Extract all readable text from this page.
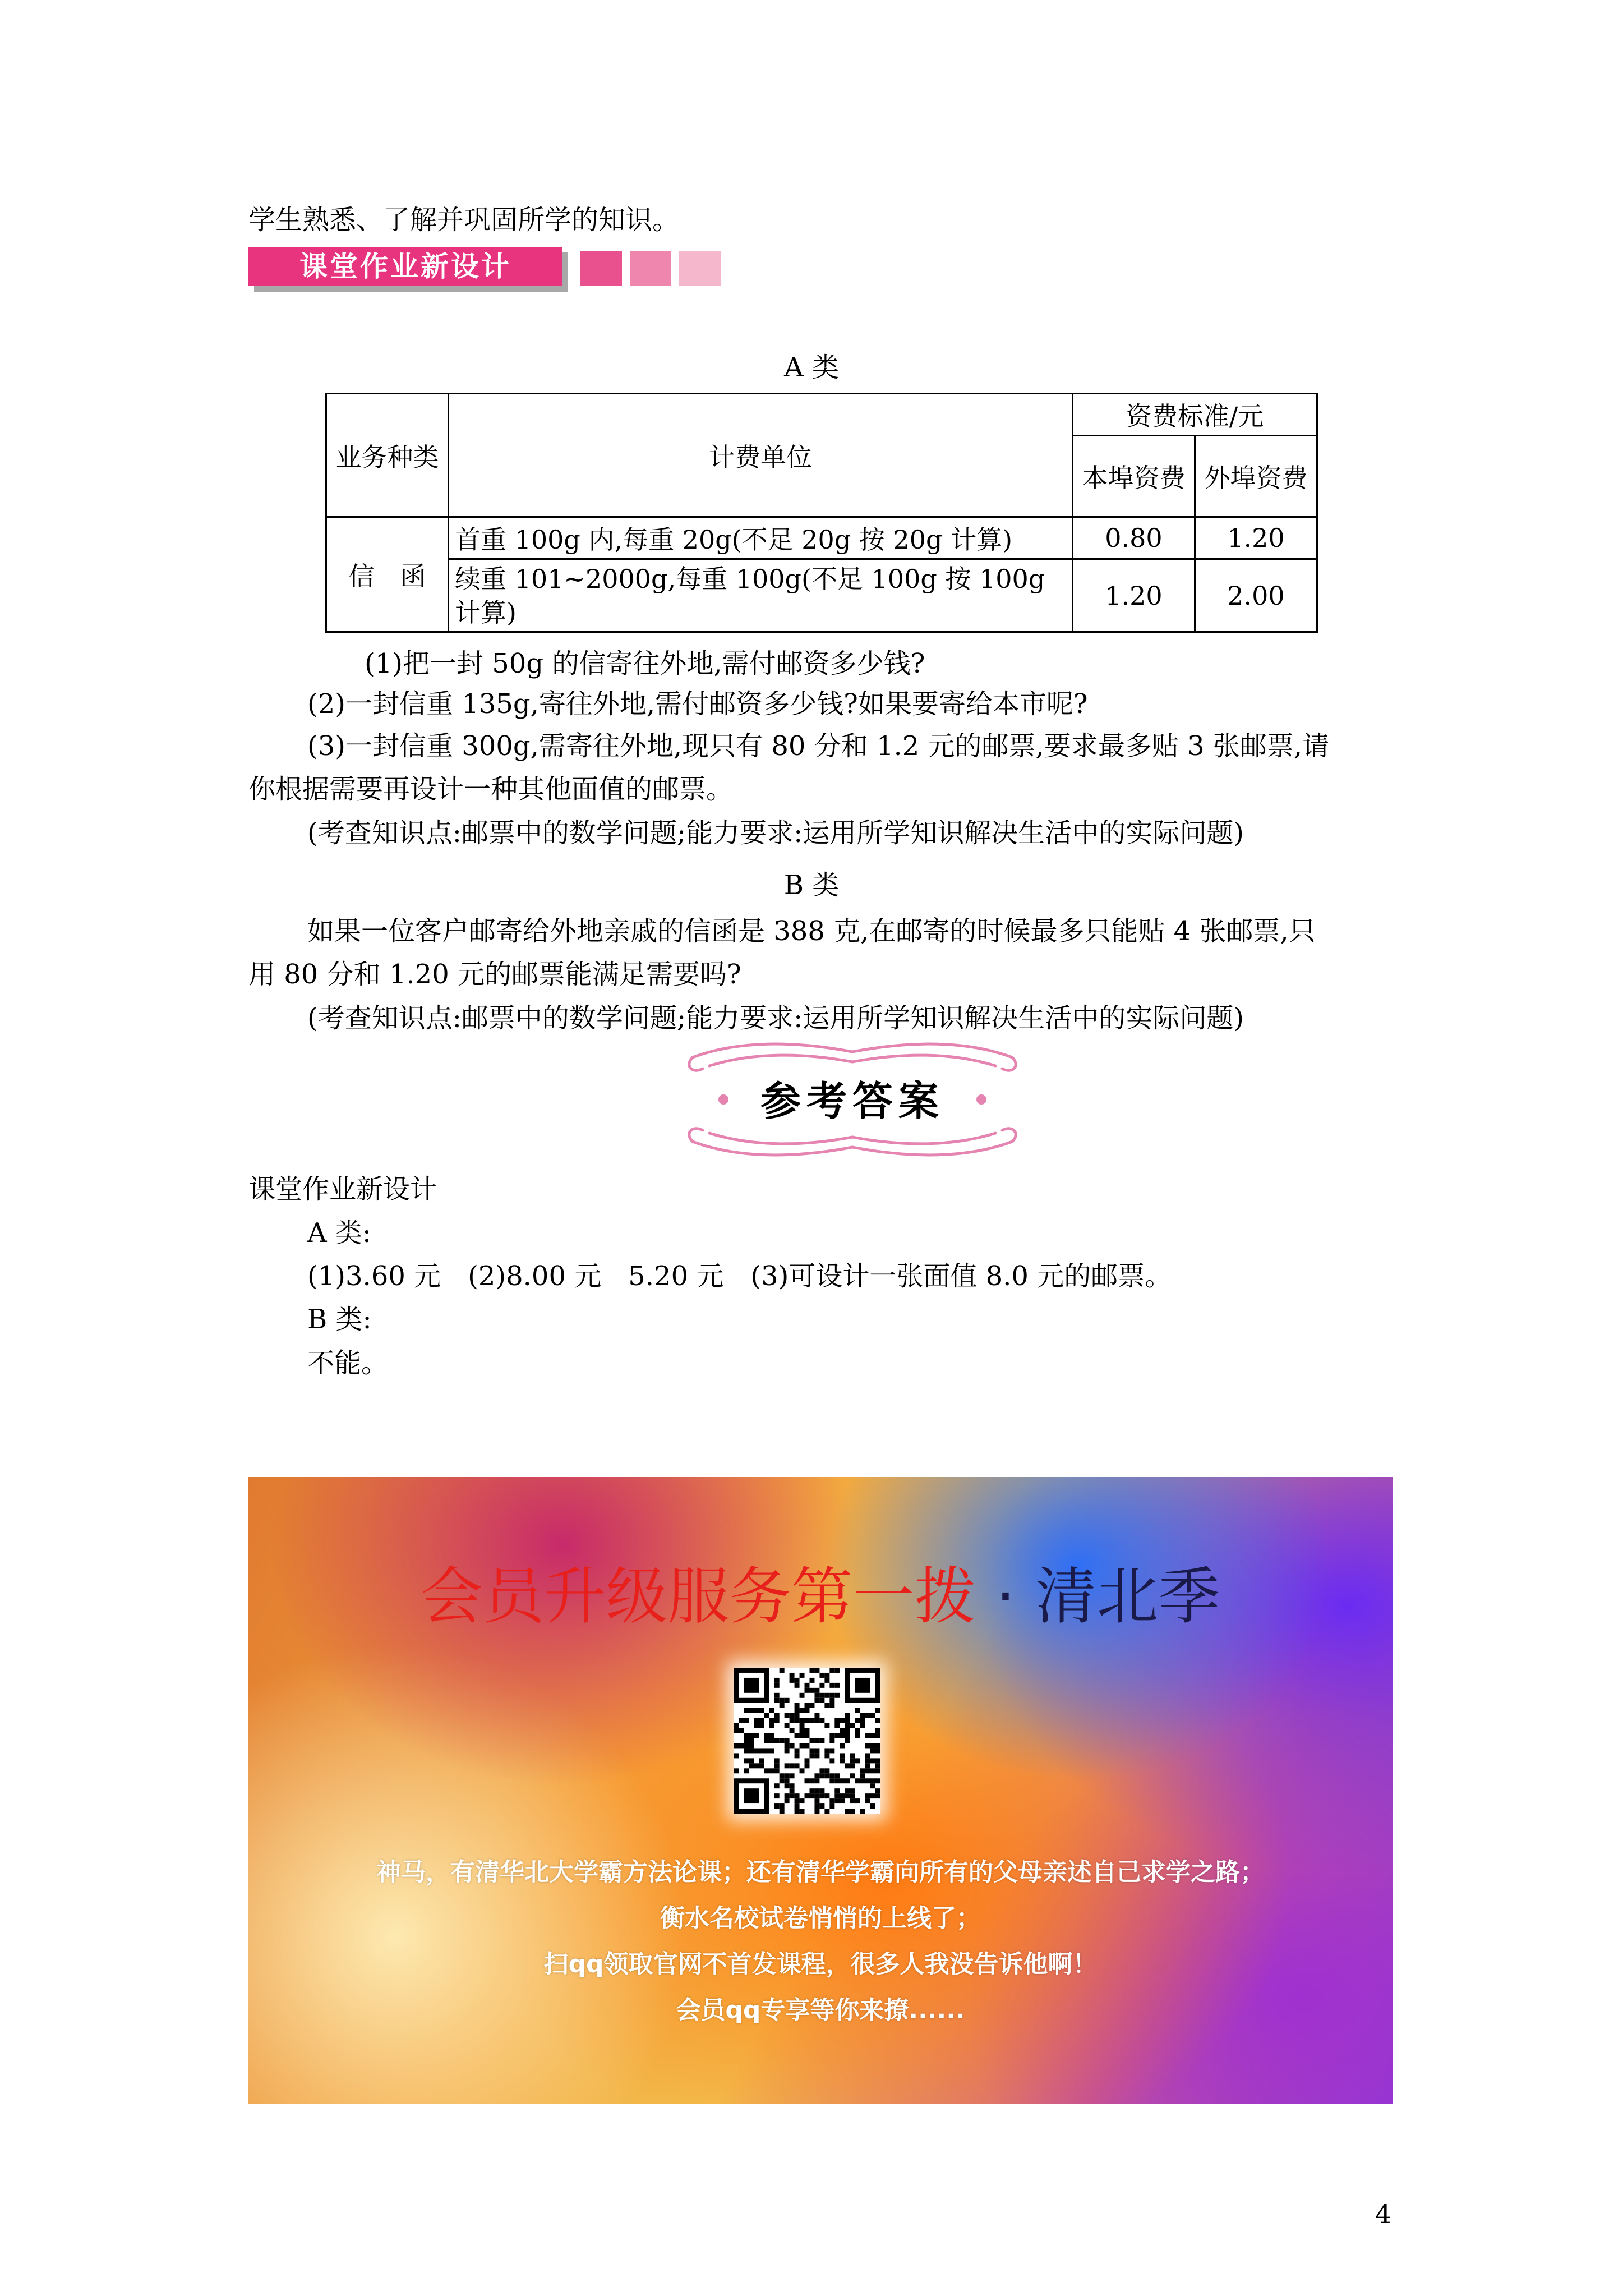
学生熟悉、了解并巩固所学的知识。
课堂作业新设计
A 类
业务种类	计费单位	资费标准/元	
		本埠资费	外埠资费
信　函	首重 100g 内,每重 20g(不足 20g 按 20g 计算)	0.80	1.20
	续重 101~2000g,每重 100g(不足 100g 按 100g
计算)	1.20	2.00
(1)把一封 50g 的信寄往外地,需付邮资多少钱?
(2)一封信重 135g,寄往外地,需付邮资多少钱?如果要寄给本市呢?
(3)一封信重 300g,需寄往外地,现只有 80 分和 1.2 元的邮票,要求最多贴 3 张邮票,请
你根据需要再设计一种其他面值的邮票。
(考查知识点:邮票中的数学问题;能力要求:运用所学知识解决生活中的实际问题)
B 类
如果一位客户邮寄给外地亲戚的信函是 388 克,在邮寄的时候最多只能贴 4 张邮票,只
用 80 分和 1.20 元的邮票能满足需要吗?
(考查知识点:邮票中的数学问题;能力要求:运用所学知识解决生活中的实际问题)
参考答案
课堂作业新设计
A 类:
(1)3.60 元　(2)8.00 元　5.20 元　(3)可设计一张面值 8.0 元的邮票。
B 类:
不能。
会员升级服务第一拨 · 清北季
神马，有清华北大学霸方法论课；还有清华学霸向所有的父母亲述自己求学之路；
衡水名校试卷悄悄的上线了；
扫qq领取官网不首发课程，很多人我没告诉他啊！
会员qq专享等你来撩......
4
